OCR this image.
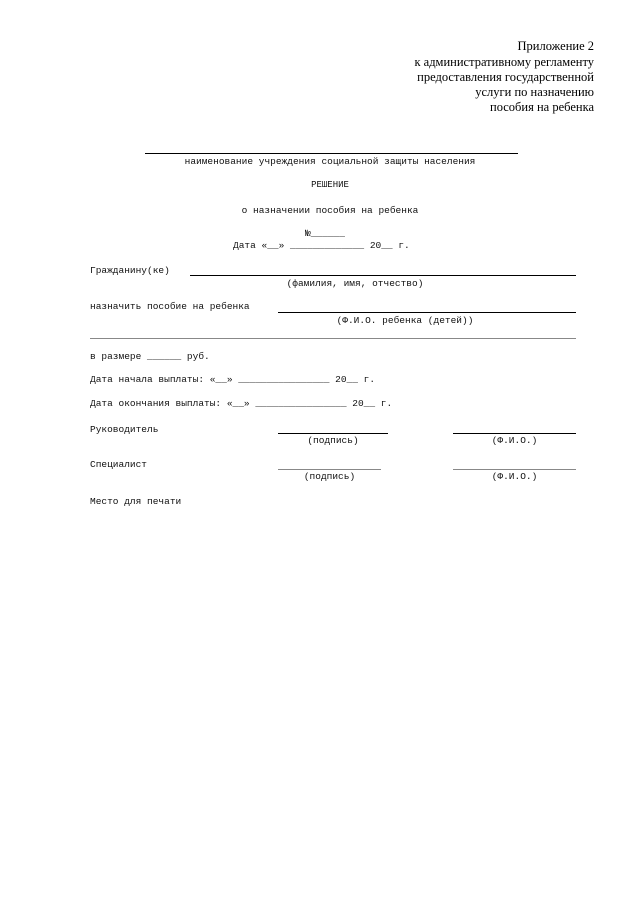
Приложение 2
к административному регламенту
предоставления государственной
услуги по назначению
пособия на ребенка
наименование учреждения социальной защиты населения
РЕШЕНИЕ
о назначении пособия на ребенка
№______
Дата «__» _____________ 20__ г.
Гражданину(ке)
(фамилия, имя, отчество)
назначить пособие на ребенка
(Ф.И.О. ребенка (детей))
в размере ______ руб.
Дата начала выплаты: «__» ________________ 20__ г.
Дата окончания выплаты: «__» ________________ 20__ г.
Руководитель
(подпись)	(Ф.И.О.)
Специалист
(подпись)	(Ф.И.О.)
Место для печати
